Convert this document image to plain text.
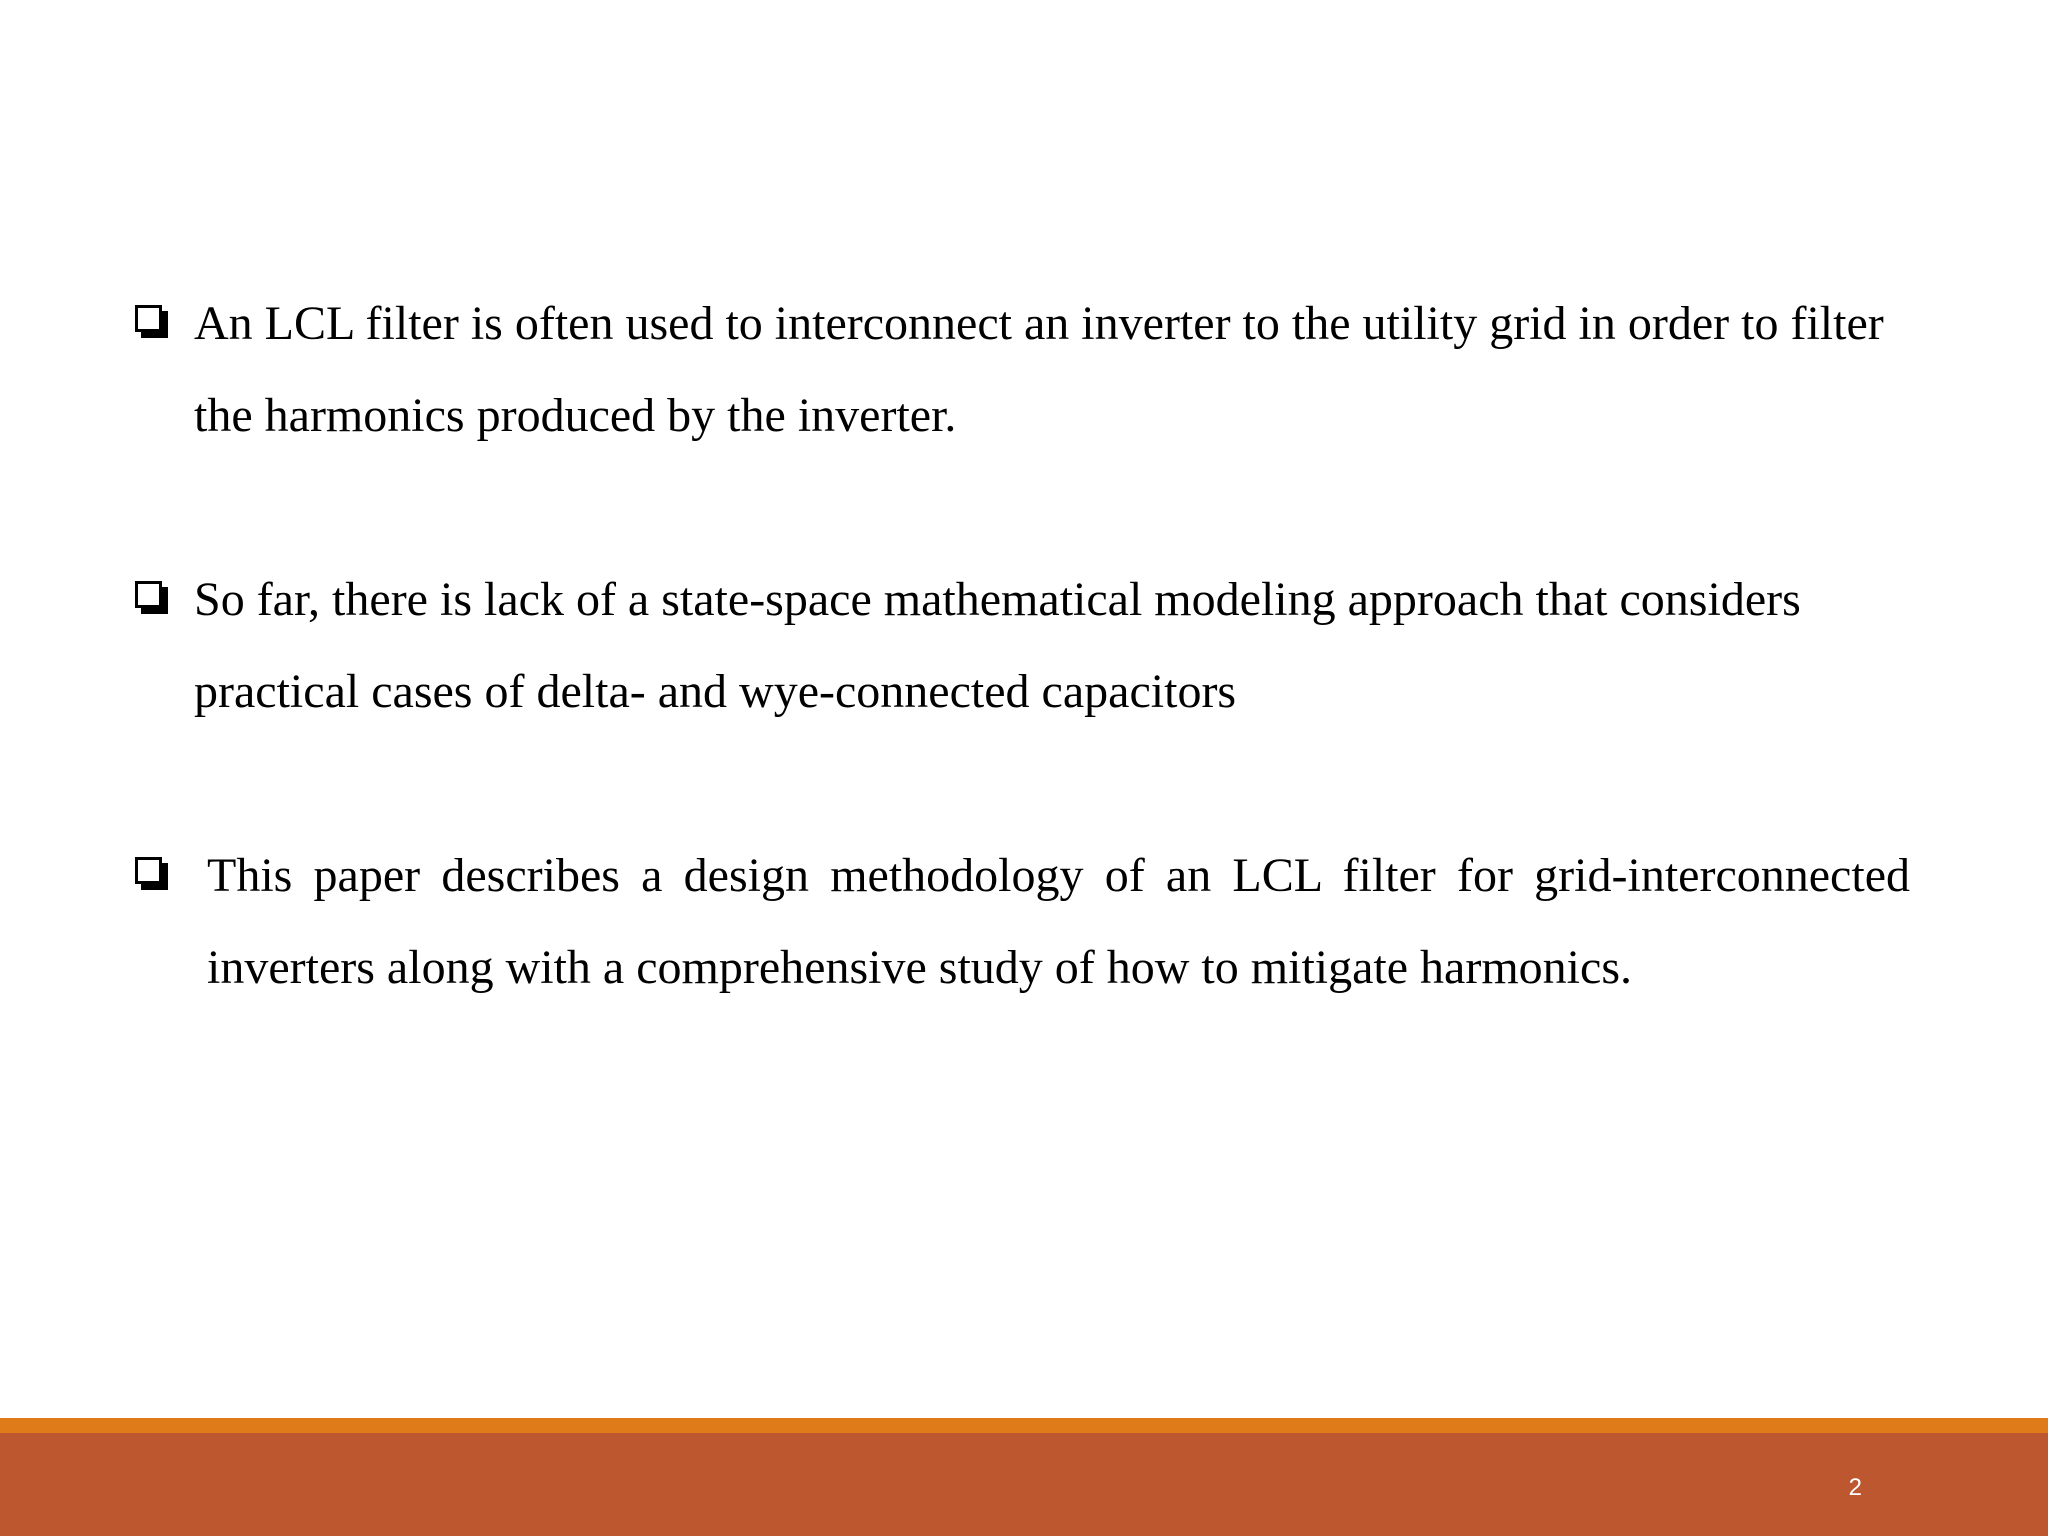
An LCL filter is often used to interconnect an inverter to the utility grid in order to filter the harmonics produced by the inverter.
So far, there is lack of a state-space mathematical modeling approach that considers practical cases of delta- and wye-connected capacitors
This paper describes a design methodology of an LCL filter for grid-interconnected inverters along with a comprehensive study of how to mitigate harmonics.
2
